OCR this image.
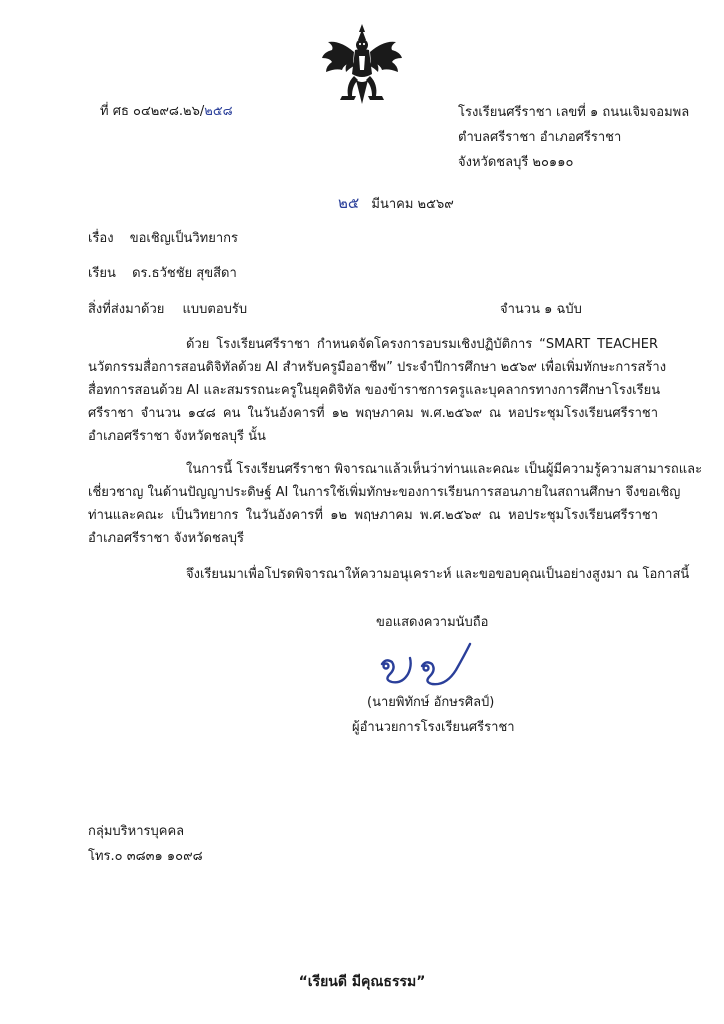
ที่ ศธ ๐๔๒๙๘.๒๖/๒๕๘	โรงเรียนศรีราชา เลขที่ ๑ ถนนเจิมจอมพล
ตำบลศรีราชา อำเภอศรีราชา
จังหวัดชลบุรี ๒๐๑๑๐
๒๕ มีนาคม ๒๕๖๙
เรื่อง ขอเชิญเป็นวิทยากร
เรียน ดร.ธวัชชัย สุขสีดา
สิ่งที่ส่งมาด้วย แบบตอบรับ	จำนวน ๑ ฉบับ
ด้วย โรงเรียนศรีราชา กำหนดจัดโครงการอบรมเชิงปฏิบัติการ “SMART TEACHER
นวัตกรรมสื่อการสอนดิจิทัลด้วย AI สำหรับครูมืออาชีพ” ประจำปีการศึกษา ๒๕๖๙ เพื่อเพิ่มทักษะการสร้าง
สื่อทการสอนด้วย AI และสมรรถนะครูในยุคดิจิทัล ของข้าราชการครูและบุคลากรทางการศึกษาโรงเรียน
ศรีราชา จำนวน ๑๔๘ คน ในวันอังคารที่ ๑๒ พฤษภาคม พ.ศ.๒๕๖๙ ณ หอประชุมโรงเรียนศรีราชา
อำเภอศรีราชา จังหวัดชลบุรี นั้น
ในการนี้ โรงเรียนศรีราชา พิจารณาแล้วเห็นว่าท่านและคณะ เป็นผู้มีความรู้ความสามารถและ
เชี่ยวชาญ ในด้านปัญญาประดิษฐ์ AI ในการใช้เพิ่มทักษะของการเรียนการสอนภายในสถานศึกษา จึงขอเชิญ
ท่านและคณะ เป็นวิทยากร ในวันอังคารที่ ๑๒ พฤษภาคม พ.ศ.๒๕๖๙ ณ หอประชุมโรงเรียนศรีราชา
อำเภอศรีราชา จังหวัดชลบุรี
จึงเรียนมาเพื่อโปรดพิจารณาให้ความอนุเคราะห์ และขอขอบคุณเป็นอย่างสูงมา ณ โอกาสนี้
ขอแสดงความนับถือ
(นายพิทักษ์ อักษรศิลป์)
ผู้อำนวยการโรงเรียนศรีราชา
กลุ่มบริหารบุคคล
โทร.๐ ๓๘๓๑ ๑๐๙๘
“เรียนดี มีคุณธรรม”
